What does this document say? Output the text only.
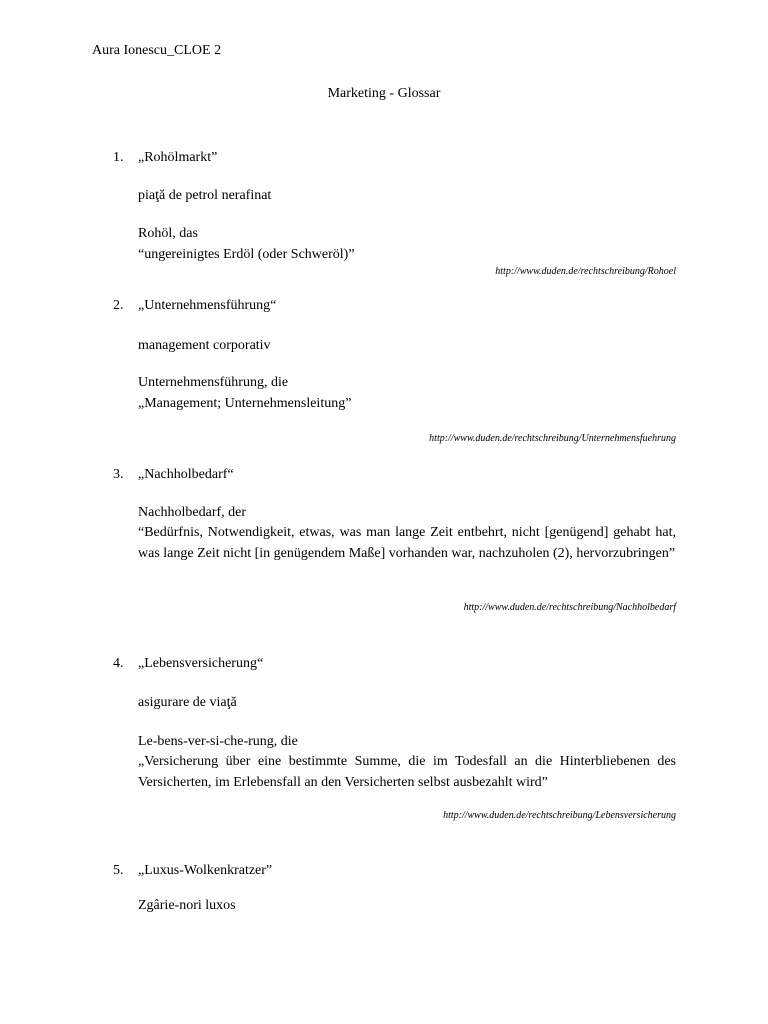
Aura Ionescu_CLOE 2
Marketing - Glossar
1. „Rohölmarkt”
piaţă de petrol nerafinat
Rohöl, das
“ungereinigtes Erdöl (oder Schweröl)”
http://www.duden.de/rechtschreibung/Rohoel
2. „Unternehmensführung“
management corporativ
Unternehmensführung, die
„Management; Unternehmensleitung”
http://www.duden.de/rechtschreibung/Unternehmensfuehrung
3. „Nachholbedarf“
Nachholbedarf, der
“Bedürfnis, Notwendigkeit, etwas, was man lange Zeit entbehrt, nicht [genügend] gehabt hat, was lange Zeit nicht [in genügendem Maße] vorhanden war, nachzuholen (2), hervorzubringen”
http://www.duden.de/rechtschreibung/Nachholbedarf
4. „Lebensversicherung“
asigurare de viaţă
Le-bens-ver-si-che-rung, die
„Versicherung über eine bestimmte Summe, die im Todesfall an die Hinterbliebenen des Versicherten, im Erlebensfall an den Versicherten selbst ausbezahlt wird”
http://www.duden.de/rechtschreibung/Lebensversicherung
5. „Luxus-Wolkenkratzer”
Zgârie-nori luxos
